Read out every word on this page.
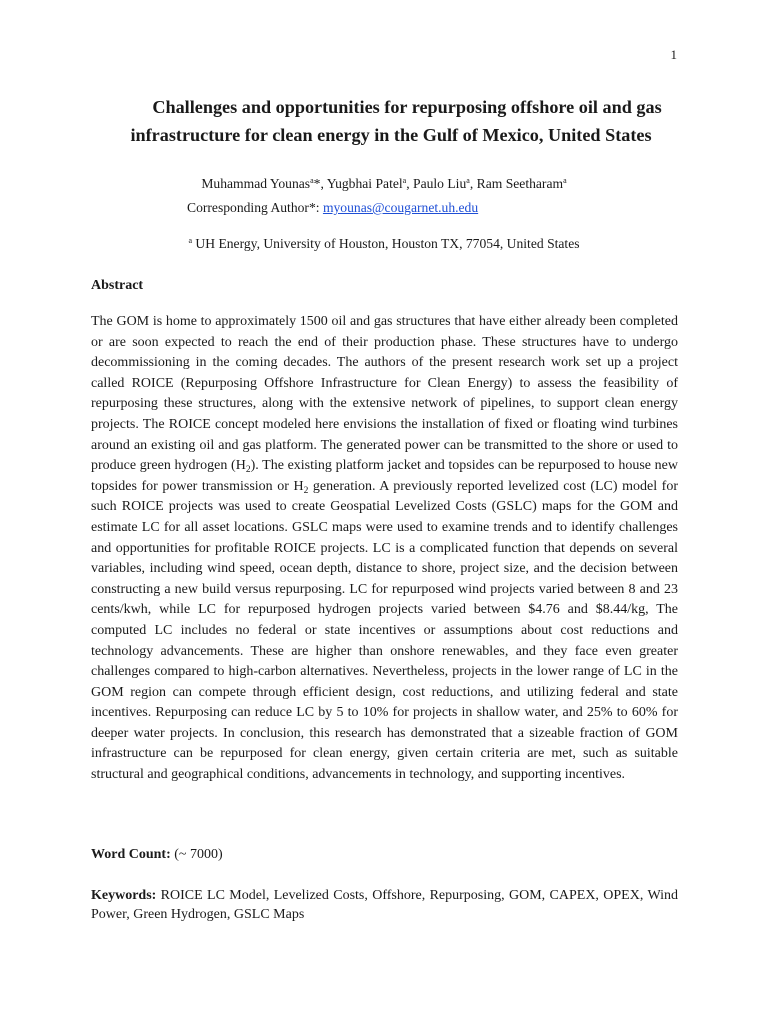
1
Challenges and opportunities for repurposing offshore oil and gas infrastructure for clean energy in the Gulf of Mexico, United States
Muhammad Younas$^a$*, Yugbhai Patel$^a$, Paulo Liu$^a$, Ram Seetharam$^a$
Corresponding Author*: myounas@cougarnet.uh.edu
$^a$ UH Energy, University of Houston, Houston TX, 77054, United States
Abstract

The GOM is home to approximately 1500 oil and gas structures that have either already been completed or are soon expected to reach the end of their production phase. These structures have to undergo decommissioning in the coming decades. The authors of the present research work set up a project called ROICE (Repurposing Offshore Infrastructure for Clean Energy) to assess the feasibility of repurposing these structures, along with the extensive network of pipelines, to support clean energy projects. The ROICE concept modeled here envisions the installation of fixed or floating wind turbines around an existing oil and gas platform. The generated power can be transmitted to the shore or used to produce green hydrogen $(H_2)$. The existing platform jacket and topsides can be repurposed to house new topsides for power transmission or $H_2$ generation. A previously reported levelized cost (LC) model for such ROICE projects was used to create Geospatial Levelized Costs (GSLC) maps for the GOM and estimate LC for all asset locations. GSLC maps were used to examine trends and to identify challenges and opportunities for profitable ROICE projects. LC is a complicated function that depends on several variables, including wind speed, ocean depth, distance to shore, project size, and the decision between constructing a new build versus repurposing. LC for repurposed wind projects varied between 8 and 23 cents/kwh, while LC for repurposed hydrogen projects varied between $4.76 and $8.44/kg, The computed LC includes no federal or state incentives or assumptions about cost reductions and technology advancements. These are higher than onshore renewables, and they face even greater challenges compared to high-carbon alternatives. Nevertheless, projects in the lower range of LC in the GOM region can compete through efficient design, cost reductions, and utilizing federal and state incentives. Repurposing can reduce LC by 5 to 10% for projects in shallow water, and 25% to 60% for deeper water projects. In conclusion, this research has demonstrated that a sizeable fraction of GOM infrastructure can be repurposed for clean energy, given certain criteria are met, such as suitable structural and geographical conditions, advancements in technology, and supporting incentives.

Word Count: (~ 7000)

Keywords: ROICE LC Model, Levelized Costs, Offshore, Repurposing, GOM, CAPEX, OPEX, Wind Power, Green Hydrogen, GSLC Maps
